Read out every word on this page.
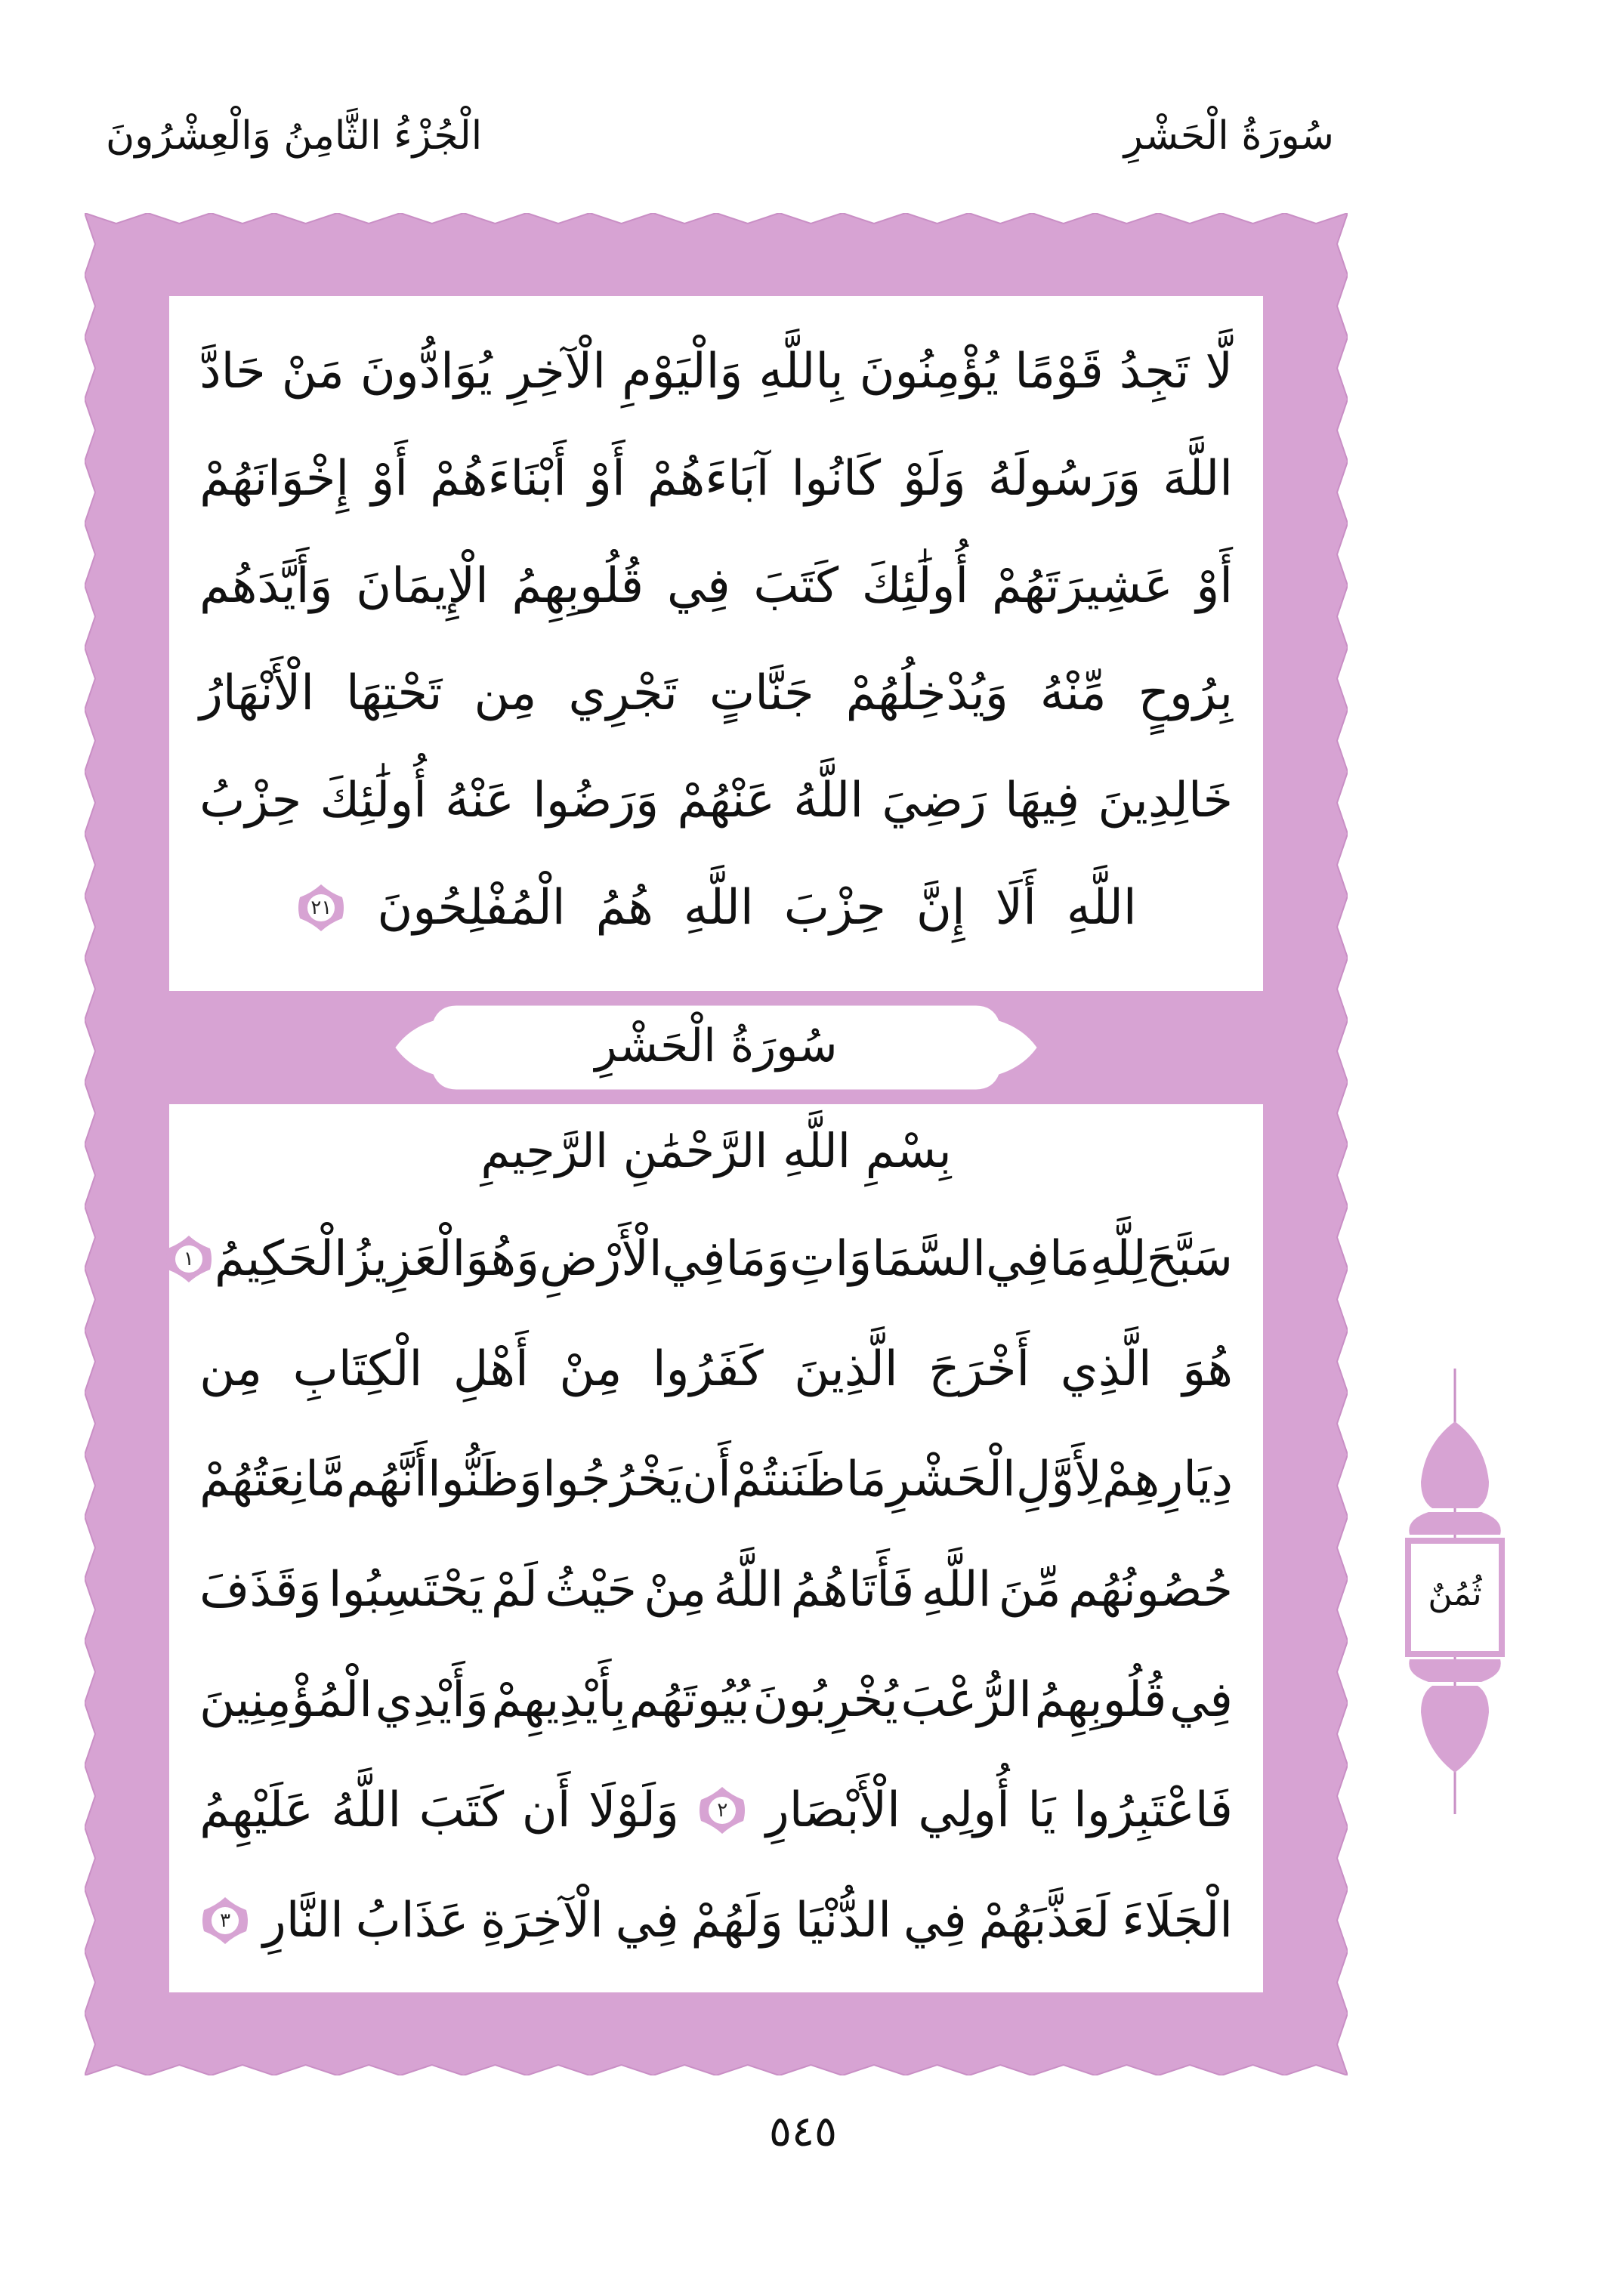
سُورَةُ الْحَشْرِ
الْجُزْءُ الثَّامِنُ وَالْعِشْرُونَ
لَّا
تَجِدُ
قَوْمًا
يُؤْمِنُونَ
بِاللَّهِ
وَالْيَوْمِ
الْآخِرِ
يُوَادُّونَ
مَنْ
حَادَّ
اللَّهَ
وَرَسُولَهُ
وَلَوْ
كَانُوا
آبَاءَهُمْ
أَوْ
أَبْنَاءَهُمْ
أَوْ
إِخْوَانَهُمْ
أَوْ
عَشِيرَتَهُمْ
أُولَٰئِكَ
كَتَبَ
فِي
قُلُوبِهِمُ
الْإِيمَانَ
وَأَيَّدَهُم
بِرُوحٍ
مِّنْهُ
وَيُدْخِلُهُمْ
جَنَّاتٍ
تَجْرِي
مِن
تَحْتِهَا
الْأَنْهَارُ
خَالِدِينَ
فِيهَا
رَضِيَ
اللَّهُ
عَنْهُمْ
وَرَضُوا
عَنْهُ
أُولَٰئِكَ
حِزْبُ
اللَّهِ
أَلَا
إِنَّ
حِزْبَ
اللَّهِ
هُمُ
الْمُفْلِحُونَ
٢١
سُورَةُ الْحَشْرِ
بِسْمِ اللَّهِ الرَّحْمَٰنِ الرَّحِيمِ
سَبَّحَ
لِلَّهِ
مَا
فِي
السَّمَاوَاتِ
وَمَا
فِي
الْأَرْضِ
وَهُوَ
الْعَزِيزُ
الْحَكِيمُ
١
هُوَ
الَّذِي
أَخْرَجَ
الَّذِينَ
كَفَرُوا
مِنْ
أَهْلِ
الْكِتَابِ
مِن
دِيَارِهِمْ
لِأَوَّلِ
الْحَشْرِ
مَا
ظَنَنتُمْ
أَن
يَخْرُجُوا
وَظَنُّوا
أَنَّهُم
مَّانِعَتُهُمْ
حُصُونُهُم
مِّنَ
اللَّهِ
فَأَتَاهُمُ
اللَّهُ
مِنْ
حَيْثُ
لَمْ
يَحْتَسِبُوا
وَقَذَفَ
فِي
قُلُوبِهِمُ
الرُّعْبَ
يُخْرِبُونَ
بُيُوتَهُم
بِأَيْدِيهِمْ
وَأَيْدِي
الْمُؤْمِنِينَ
فَاعْتَبِرُوا
يَا
أُولِي
الْأَبْصَارِ
٢
وَلَوْلَا
أَن
كَتَبَ
اللَّهُ
عَلَيْهِمُ
الْجَلَاءَ
لَعَذَّبَهُمْ
فِي
الدُّنْيَا
وَلَهُمْ
فِي
الْآخِرَةِ
عَذَابُ
النَّارِ
٣
ثُمُنٌ
٥٤٥
